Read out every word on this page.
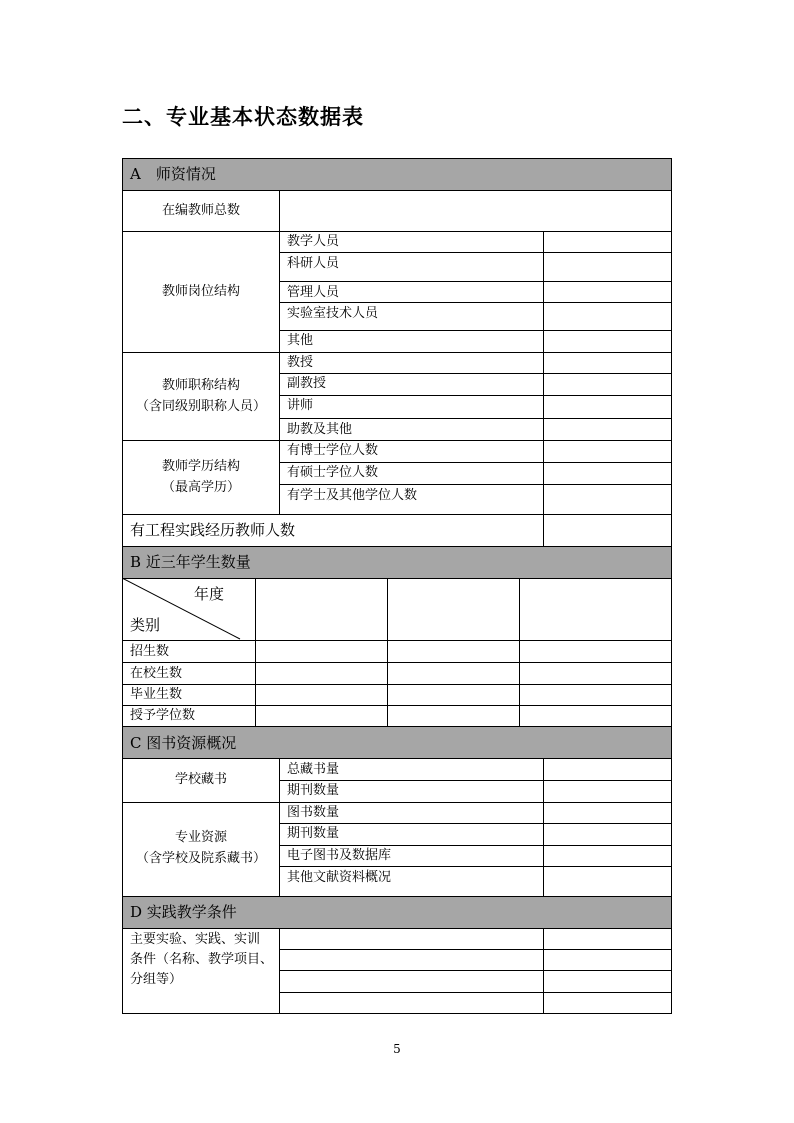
二、专业基本状态数据表
A　师资情况
在编教师总数
教师岗位结构
教学人员
科研人员
管理人员
实验室技术人员
其他
教师职称结构
（含同级别职称人员）
教授
副教授
讲师
助教及其他
教师学历结构
（最高学历）
有博士学位人数
有硕士学位人数
有学士及其他学位人数
有工程实践经历教师人数
B 近三年学生数量
年度
类别
招生数
在校生数
毕业生数
授予学位数
C 图书资源概况
学校藏书
总藏书量
期刊数量
专业资源
（含学校及院系藏书）
图书数量
期刊数量
电子图书及数据库
其他文献资料概况
D 实践教学条件
主要实验、实践、实训
条件（名称、教学项目、
分组等）
5
